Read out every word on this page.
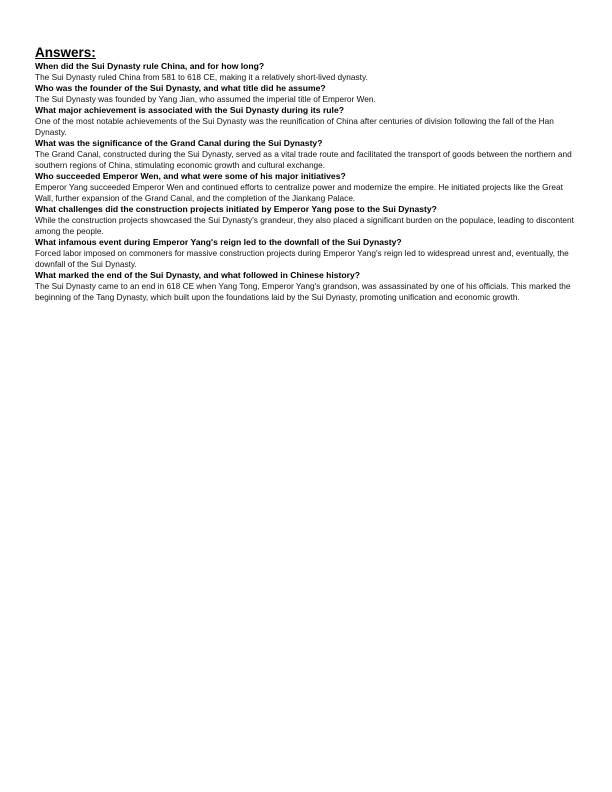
Answers:

When did the Sui Dynasty rule China, and for how long?

The Sui Dynasty ruled China from 581 to 618 CE, making it a relatively short-lived dynasty.

Who was the founder of the Sui Dynasty, and what title did he assume?

The Sui Dynasty was founded by Yang Jian, who assumed the imperial title of Emperor Wen.

What major achievement is associated with the Sui Dynasty during its rule?

One of the most notable achievements of the Sui Dynasty was the reunification of China after centuries of division following the fall of the Han Dynasty.

What was the significance of the Grand Canal during the Sui Dynasty?

The Grand Canal, constructed during the Sui Dynasty, served as a vital trade route and facilitated the transport of goods between the northern and southern regions of China, stimulating economic growth and cultural exchange.

Who succeeded Emperor Wen, and what were some of his major initiatives?

Emperor Yang succeeded Emperor Wen and continued efforts to centralize power and modernize the empire. He initiated projects like the Great Wall, further expansion of the Grand Canal, and the completion of the Jiankang Palace.

What challenges did the construction projects initiated by Emperor Yang pose to the Sui Dynasty?

While the construction projects showcased the Sui Dynasty's grandeur, they also placed a significant burden on the populace, leading to discontent among the people.

What infamous event during Emperor Yang's reign led to the downfall of the Sui Dynasty?

Forced labor imposed on commoners for massive construction projects during Emperor Yang's reign led to widespread unrest and, eventually, the downfall of the Sui Dynasty.

What marked the end of the Sui Dynasty, and what followed in Chinese history?

The Sui Dynasty came to an end in 618 CE when Yang Tong, Emperor Yang's grandson, was assassinated by one of his officials. This marked the beginning of the Tang Dynasty, which built upon the foundations laid by the Sui Dynasty, promoting unification and economic growth.
